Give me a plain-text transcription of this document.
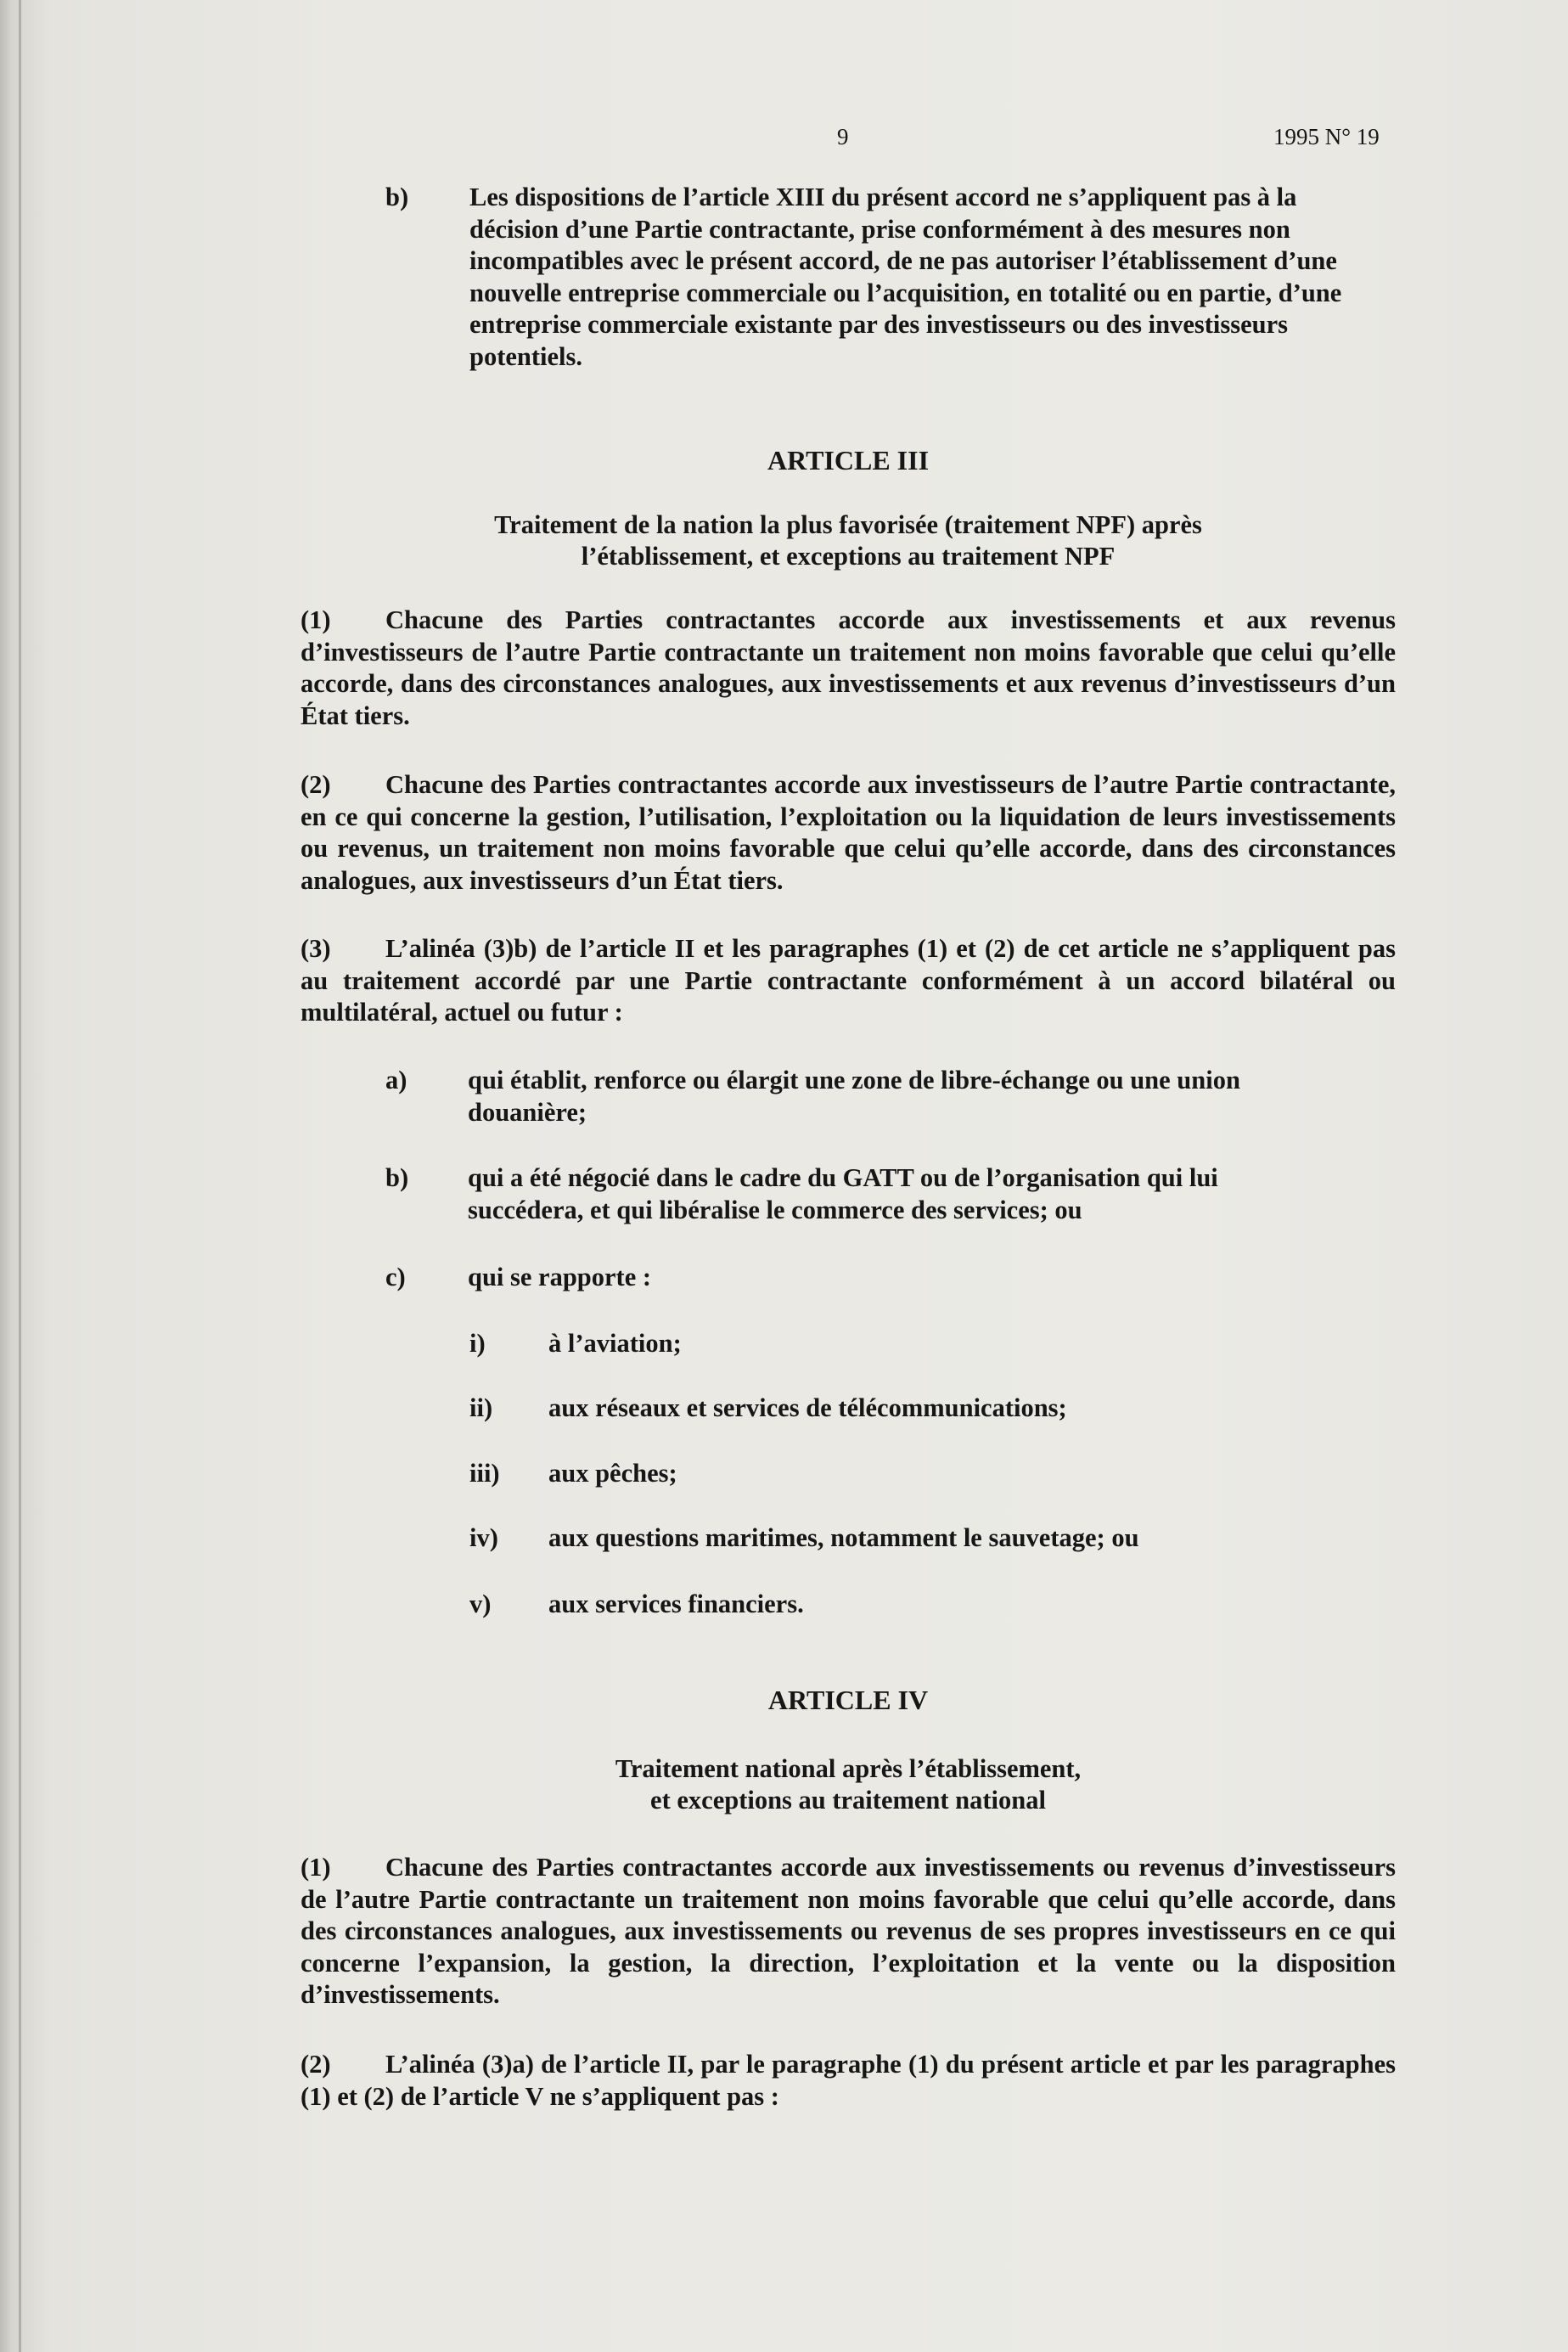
9	1995 N° 19
b) Les dispositions de l’article XIII du présent accord ne s’appliquent pas à la décision d’une Partie contractante, prise conformément à des mesures non incompatibles avec le présent accord, de ne pas autoriser l’établissement d’une nouvelle entreprise commerciale ou l’acquisition, en totalité ou en partie, d’une entreprise commerciale existante par des investisseurs ou des investisseurs potentiels.
ARTICLE III
Traitement de la nation la plus favorisée (traitement NPF) après
l’établissement, et exceptions au traitement NPF
(1) Chacune des Parties contractantes accorde aux investissements et aux revenus d’investisseurs de l’autre Partie contractante un traitement non moins favorable que celui qu’elle accorde, dans des circonstances analogues, aux investissements et aux revenus d’investisseurs d’un État tiers.
(2) Chacune des Parties contractantes accorde aux investisseurs de l’autre Partie contractante, en ce qui concerne la gestion, l’utilisation, l’exploitation ou la liquidation de leurs investissements ou revenus, un traitement non moins favorable que celui qu’elle accorde, dans des circonstances analogues, aux investisseurs d’un État tiers.
(3) L’alinéa (3)b) de l’article II et les paragraphes (1) et (2) de cet article ne s’appliquent pas au traitement accordé par une Partie contractante conformément à un accord bilatéral ou multilatéral, actuel ou futur :
a) qui établit, renforce ou élargit une zone de libre-échange ou une union douanière;
b) qui a été négocié dans le cadre du GATT ou de l’organisation qui lui succédera, et qui libéralise le commerce des services; ou
c) qui se rapporte :
i) à l’aviation;
ii) aux réseaux et services de télécommunications;
iii) aux pêches;
iv) aux questions maritimes, notamment le sauvetage; ou
v) aux services financiers.
ARTICLE IV
Traitement national après l’établissement,
et exceptions au traitement national
(1) Chacune des Parties contractantes accorde aux investissements ou revenus d’investisseurs de l’autre Partie contractante un traitement non moins favorable que celui qu’elle accorde, dans des circonstances analogues, aux investissements ou revenus de ses propres investisseurs en ce qui concerne l’expansion, la gestion, la direction, l’exploitation et la vente ou la disposition d’investissements.
(2) L’alinéa (3)a) de l’article II, par le paragraphe (1) du présent article et par les paragraphes (1) et (2) de l’article V ne s’appliquent pas :
